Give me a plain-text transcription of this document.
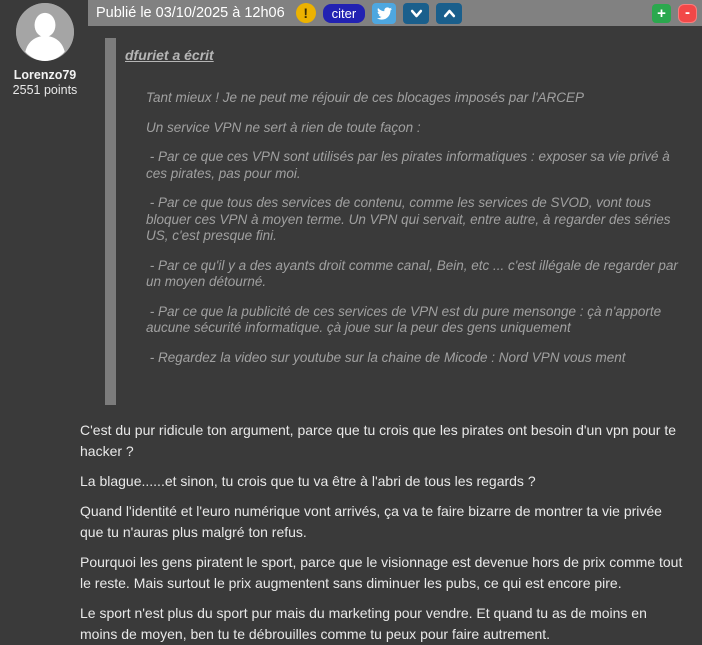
Lorenzo79
2551 points
Publié le 03/10/2025 à 12h06	!	citer	+	-
dfuriet a écrit

Tant mieux ! Je ne peut me réjouir de ces blocages imposés par l'ARCEP

Un service VPN ne sert à rien de toute façon :

- Par ce que ces VPN sont utilisés par les pirates informatiques : exposer sa vie privé à ces pirates, pas pour moi.

- Par ce que tous des services de contenu, comme les services de SVOD, vont tous bloquer ces VPN à moyen terme. Un VPN qui servait, entre autre, à regarder des séries US, c'est presque fini.

- Par ce qu'il y a des ayants droit comme canal, Bein, etc ... c'est illégale de regarder par un moyen détourné.

- Par ce que la publicité de ces services de VPN est du pure mensonge : çà n'apporte aucune sécurité informatique. çà joue sur la peur des gens uniquement

- Regardez la video sur youtube sur la chaine de Micode : Nord VPN vous ment

C'est du pur ridicule ton argument, parce que tu crois que les pirates ont besoin d'un vpn pour te hacker ?

La blague......et sinon, tu crois que tu va être à l'abri de tous les regards ?

Quand l'identité et l'euro numérique vont arrivés, ça va te faire bizarre de montrer ta vie privée que tu n'auras plus malgré ton refus.

Pourquoi les gens piratent le sport, parce que le visionnage est devenue hors de prix comme tout le reste. Mais surtout le prix augmentent sans diminuer les pubs, ce qui est encore pire.

Le sport n'est plus du sport pur mais du marketing pour vendre. Et quand tu as de moins en moins de moyen, ben tu te débrouilles comme tu peux pour faire autrement.
